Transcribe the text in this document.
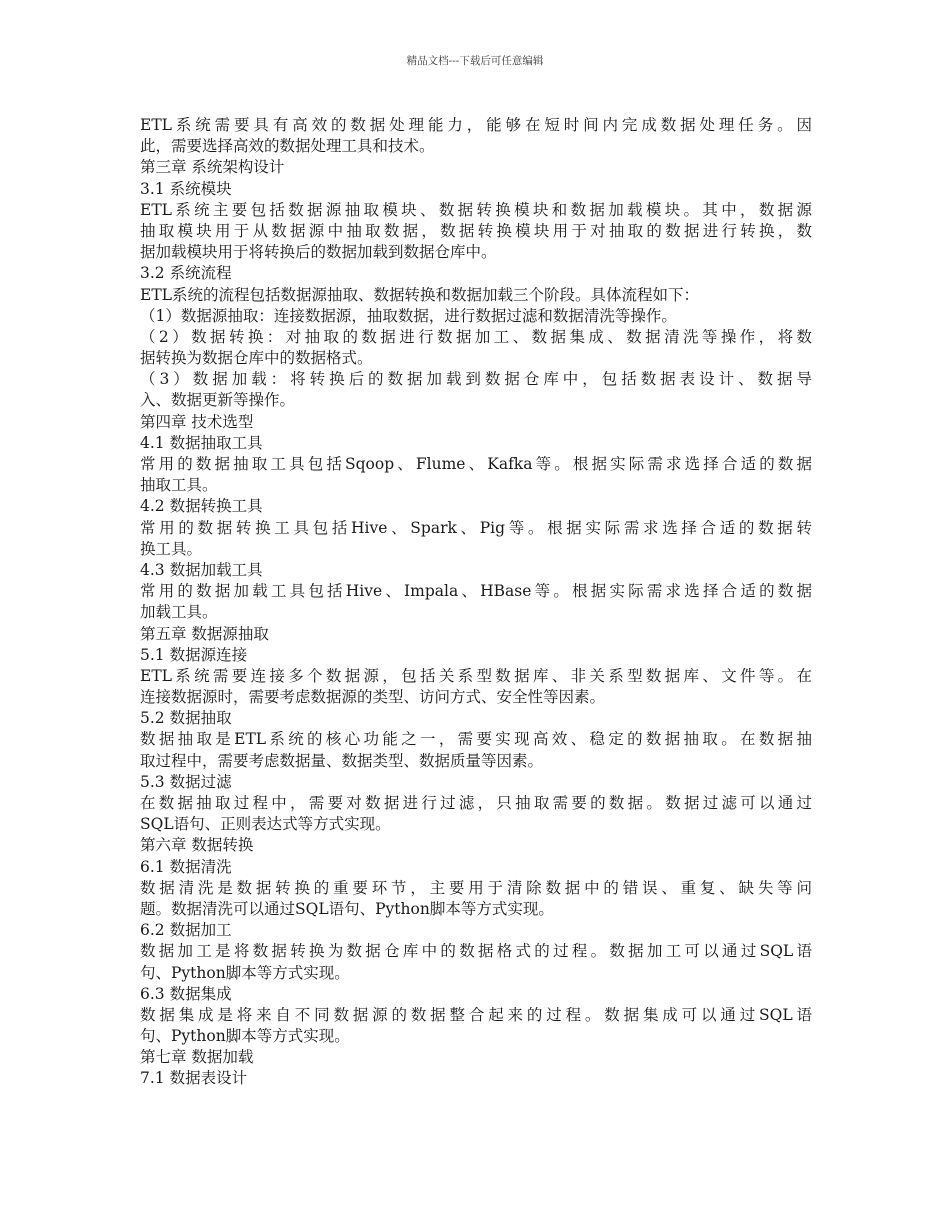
精品文档---下载后可任意编辑
ETL系统需要具有高效的数据处理能力，能够在短时间内完成数据处理任务。因
此，需要选择高效的数据处理工具和技术。
第三章 系统架构设计
3.1 系统模块
ETL系统主要包括数据源抽取模块、数据转换模块和数据加载模块。其中，数据源
抽取模块用于从数据源中抽取数据，数据转换模块用于对抽取的数据进行转换，数
据加载模块用于将转换后的数据加载到数据仓库中。
3.2 系统流程
ETL系统的流程包括数据源抽取、数据转换和数据加载三个阶段。具体流程如下：
（1）数据源抽取：连接数据源，抽取数据，进行数据过滤和数据清洗等操作。
（2）数据转换：对抽取的数据进行数据加工、数据集成、数据清洗等操作，将数
据转换为数据仓库中的数据格式。
（3）数据加载：将转换后的数据加载到数据仓库中，包括数据表设计、数据导
入、数据更新等操作。
第四章 技术选型
4.1 数据抽取工具
常用的数据抽取工具包括Sqoop、Flume、Kafka等。根据实际需求选择合适的数据
抽取工具。
4.2 数据转换工具
常用的数据转换工具包括Hive、Spark、Pig等。根据实际需求选择合适的数据转
换工具。
4.3 数据加载工具
常用的数据加载工具包括Hive、Impala、HBase等。根据实际需求选择合适的数据
加载工具。
第五章 数据源抽取
5.1 数据源连接
ETL系统需要连接多个数据源，包括关系型数据库、非关系型数据库、文件等。在
连接数据源时，需要考虑数据源的类型、访问方式、安全性等因素。
5.2 数据抽取
数据抽取是ETL系统的核心功能之一，需要实现高效、稳定的数据抽取。在数据抽
取过程中，需要考虑数据量、数据类型、数据质量等因素。
5.3 数据过滤
在数据抽取过程中，需要对数据进行过滤，只抽取需要的数据。数据过滤可以通过
SQL语句、正则表达式等方式实现。
第六章 数据转换
6.1 数据清洗
数据清洗是数据转换的重要环节，主要用于清除数据中的错误、重复、缺失等问
题。数据清洗可以通过SQL语句、Python脚本等方式实现。
6.2 数据加工
数据加工是将数据转换为数据仓库中的数据格式的过程。数据加工可以通过SQL语
句、Python脚本等方式实现。
6.3 数据集成
数据集成是将来自不同数据源的数据整合起来的过程。数据集成可以通过SQL语
句、Python脚本等方式实现。
第七章 数据加载
7.1 数据表设计
